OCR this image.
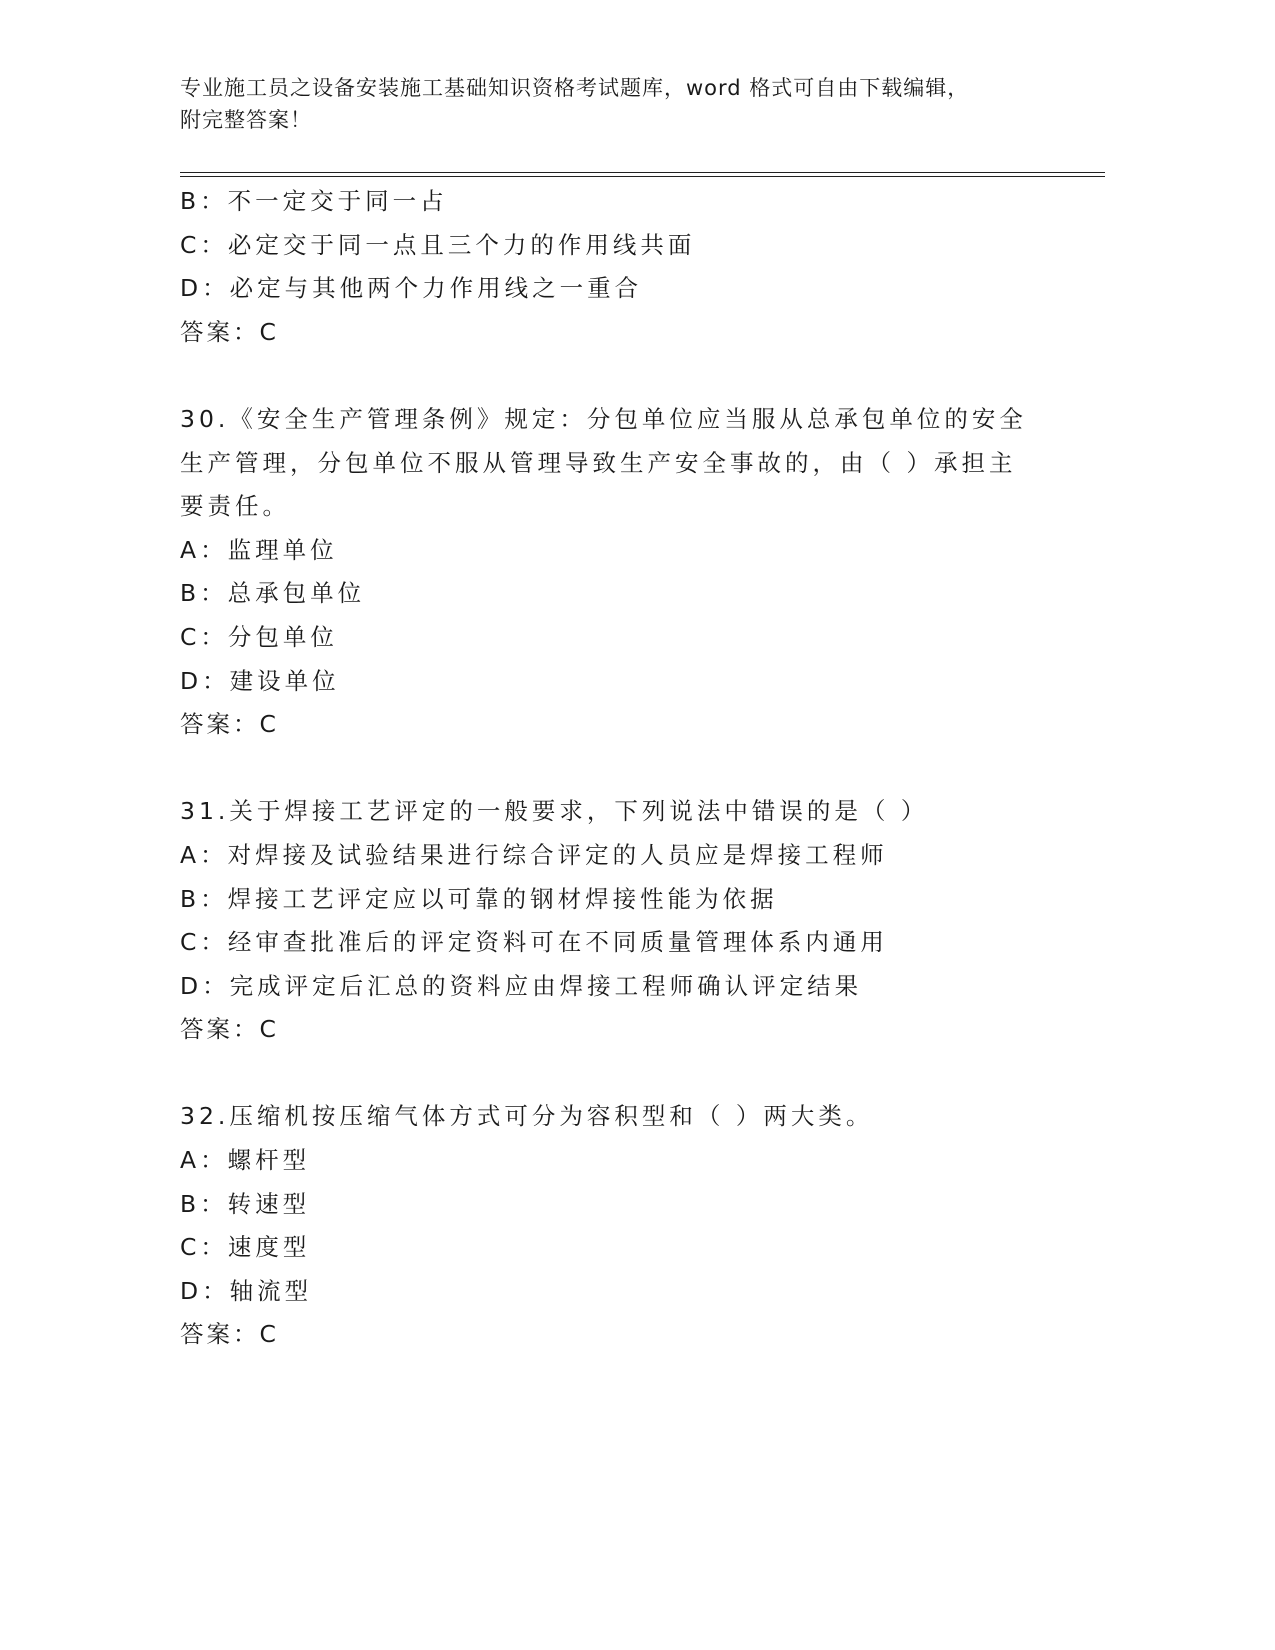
专业施工员之设备安装施工基础知识资格考试题库，word 格式可自由下载编辑，
附完整答案！
B：不一定交于同一占
C：必定交于同一点且三个力的作用线共面
D：必定与其他两个力作用线之一重合
答案：C
30.《安全生产管理条例》规定：分包单位应当服从总承包单位的安全
生产管理，分包单位不服从管理导致生产安全事故的，由（ ）承担主
要责任。
A：监理单位
B：总承包单位
C：分包单位
D：建设单位
答案：C
31.关于焊接工艺评定的一般要求，下列说法中错误的是（ ）
A：对焊接及试验结果进行综合评定的人员应是焊接工程师
B：焊接工艺评定应以可靠的钢材焊接性能为依据
C：经审查批准后的评定资料可在不同质量管理体系内通用
D：完成评定后汇总的资料应由焊接工程师确认评定结果
答案：C
32.压缩机按压缩气体方式可分为容积型和（ ）两大类。
A：螺杆型
B：转速型
C：速度型
D：轴流型
答案：C
